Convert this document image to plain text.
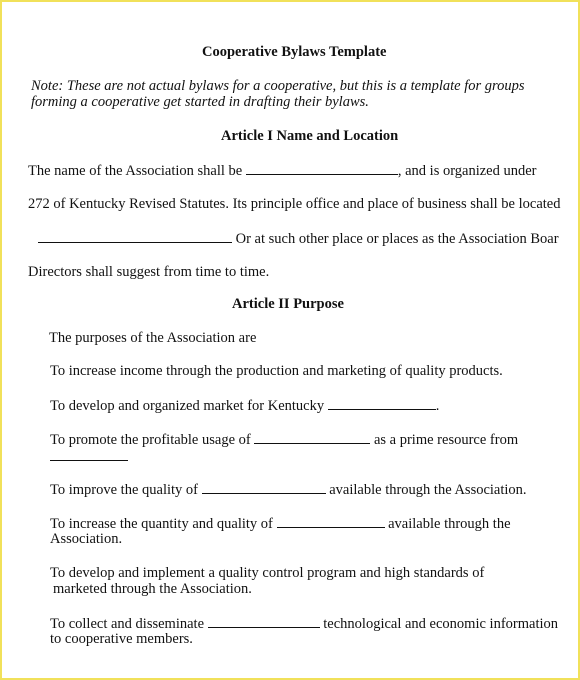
Cooperative Bylaws Template
Note: These are not actual bylaws for a cooperative, but this is a template for groups
forming a cooperative get started in drafting their bylaws.
Article I Name and Location
The name of the Association shall be	, and is organized under
272 of Kentucky Revised Statutes. Its principle office and place of business shall be located
Or at such other place or places as the Association Boar
Directors shall suggest from time to time.
Article II Purpose
The purposes of the Association are
To increase income through the production and marketing of quality products.
To develop and organized market for Kentucky	.
To promote the profitable usage of	as a prime resource from
To improve the quality of	available through the Association.
To increase the quantity and quality of	available through the
Association.
To develop and implement a quality control program and high standards of
marketed through the Association.
To collect and disseminate	technological and economic information
to cooperative members.
